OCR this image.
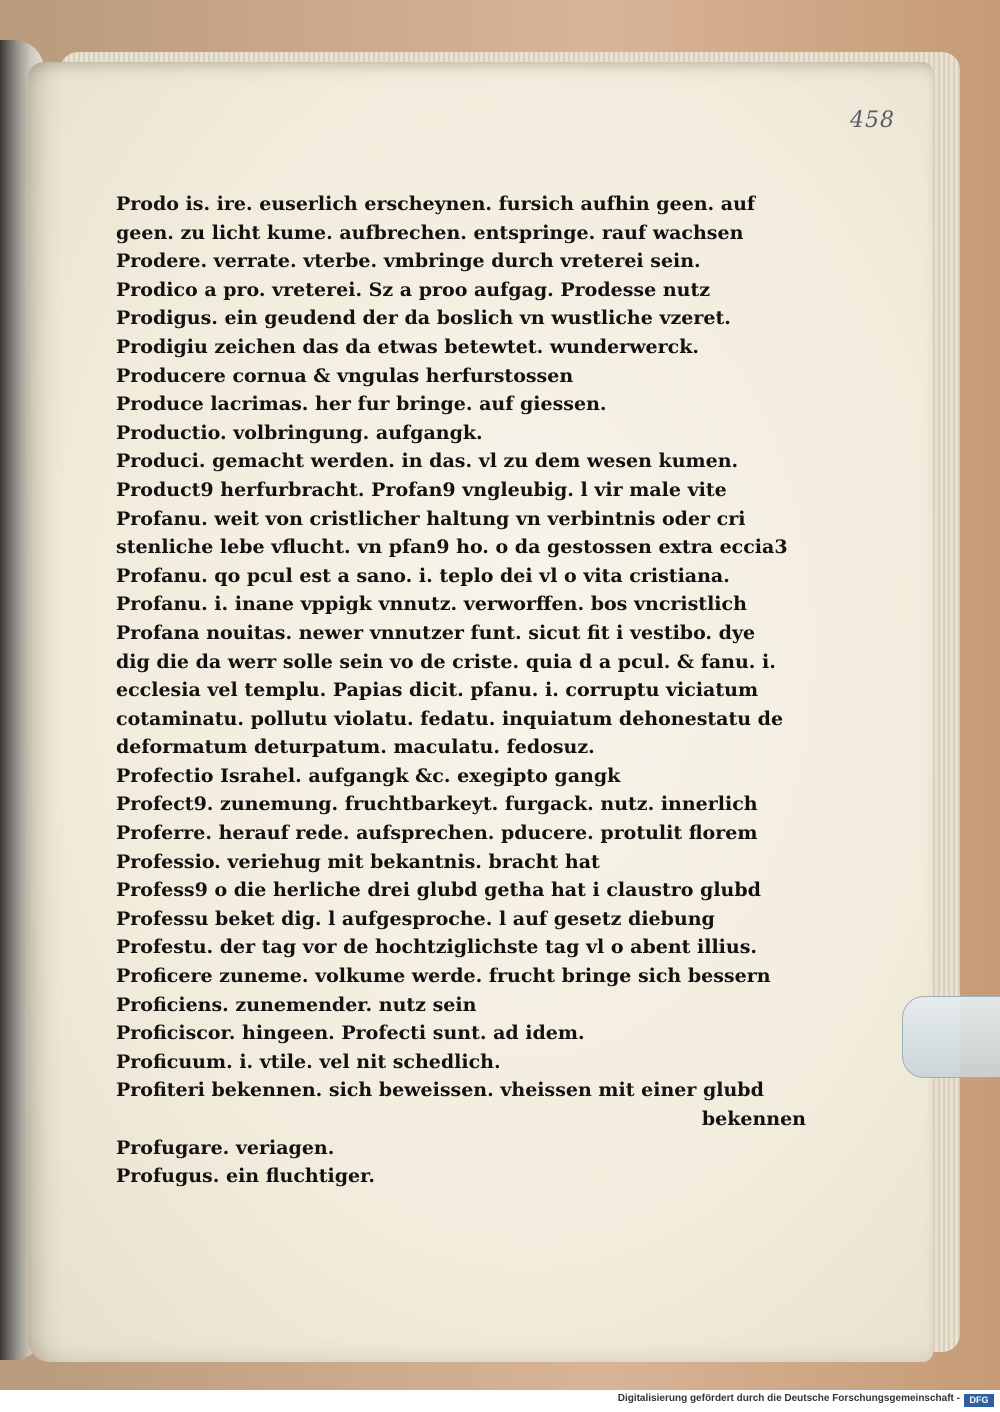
458
Prodo is. ire. euserlich erscheynen. fursich aufhin geen. auf
geen. zu licht kume. aufbrechen. entspringe. rauf wachsen
Prodere. verrate. vterbe. vmbringe durch vreterei sein.
Prodico a pro. vreterei. Sz a proo aufgag. Prodesse nutz
Prodigus. ein geudend der da boslich vn wustliche vzeret.
Prodigiu zeichen das da etwas betewtet. wunderwerck.
Producere cornua & vngulas herfurstossen
Produce lacrimas. her fur bringe. auf giessen.
Productio. volbringung. aufgangk.
Produci. gemacht werden. in das. vl zu dem wesen kumen.
Product9 herfurbracht. Profan9 vngleubig. l vir male vite
Profanu. weit von cristlicher haltung vn verbintnis oder cri
stenliche lebe vflucht. vn pfan9 ho. o da gestossen extra eccia3
Profanu. qo pcul est a sano. i. teplo dei vl o vita cristiana.
Profanu. i. inane vppigk vnnutz. verworffen. bos vncristlich
Profana nouitas. newer vnnutzer funt. sicut fit i vestibo. dye
dig die da werr solle sein vo de criste. quia d a pcul. & fanu. i.
ecclesia vel templu. Papias dicit. pfanu. i. corruptu viciatum
cotaminatu. pollutu violatu. fedatu. inquiatum dehonestatu de
deformatum deturpatum. maculatu. fedosuz.
Profectio Israhel. aufgangk &c. exegipto gangk
Profect9. zunemung. fruchtbarkeyt. furgack. nutz. innerlich
Proferre. herauf rede. aufsprechen. pducere. protulit florem
Professio. veriehug mit bekantnis. bracht hat
Profess9 o die herliche drei glubd getha hat i claustro glubd
Professu beket dig. l aufgesproche. l auf gesetz diebung
Profestu. der tag vor de hochtziglichste tag vl o abent illius.
Proficere zuneme. volkume werde. frucht bringe sich bessern
Proficiens. zunemender. nutz sein
Proficiscor. hingeen. Profecti sunt. ad idem.
Proficuum. i. vtile. vel nit schedlich.
Profiteri bekennen. sich beweissen. vheissen mit einer glubd
bekennen
Profugare. veriagen.
Profugus. ein fluchtiger.
Digitalisierung gefördert durch die Deutsche Forschungsgemeinschaft -	DFG
